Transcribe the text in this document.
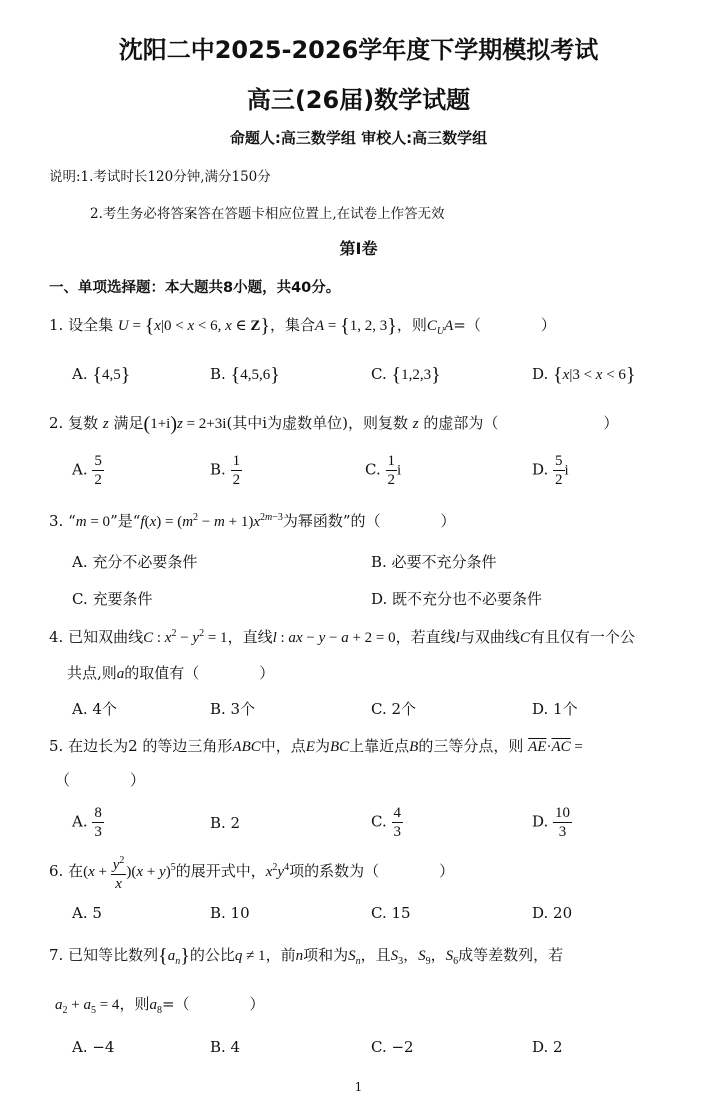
沈阳二中2025-2026学年度下学期模拟考试
高三(26届)数学试题
命题人:高三数学组 审校人:高三数学组
说明:1.考试时长120分钟,满分150分
2.考生务必将答案答在答题卡相应位置上,在试卷上作答无效
第Ⅰ卷
一、单项选择题：本大题共8小题，共40分。
1. 设全集 U = {x|0 < x < 6, x ∈ Z}，集合A = {1, 2, 3}，则$C_UA=$（　　　　）
A. {4,5}	B. {4,5,6}	C. {1,2,3}	D. {x|3 < x < 6}
2. 复数 z 满足(1+i)z = 2+3i(其中i为虚数单位)，则复数 z 的虚部为（　　　　　　　）
A. $\frac{5}{2}$	B. $\frac{1}{2}$	C. $\frac{1}{2}$ i	D. $\frac{5}{2}$ i
3. “m = 0”是“$f(x) = (m^2 - m + 1)x^{2m-3}$为幂函数”的（　　　　）
A. 充分不必要条件	B. 必要不充分条件
C. 充要条件	D. 既不充分也不必要条件
4. 已知双曲线C : $x^2 - y^2 = 1$，直线l : ax − y − a + 2 = 0，若直线l与双曲线C有且仅有一个公
共点,则a的取值有（　　　　）
A. 4个	B. 3个	C. 2个	D. 1个
5. 在边长为2 的等边三角形ABC中，点E为BC上靠近点B的三等分点，则 $\overline{AE}\cdot\overline{AC}$ =
（　　　　）
A. $\frac{8}{3}$	B. 2	C. $\frac{4}{3}$	D. $\frac{10}{3}$
6. 在$(x + \frac{y^2}{x} )(x + y)^5$的展开式中，$x^2y^4$项的系数为（　　　　）
A. 5	B. 10	C. 15	D. 20
7. 已知等比数列$\{a_n\}$的公比q ≠ 1，前n项和为$S_n$，且$S_3$，$S_9$，$S_6$成等差数列，若
$a_2 + a_5 = 4$，则$a_8=$（　　　　）
A. −4	B. 4	C. −2	D. 2
1
